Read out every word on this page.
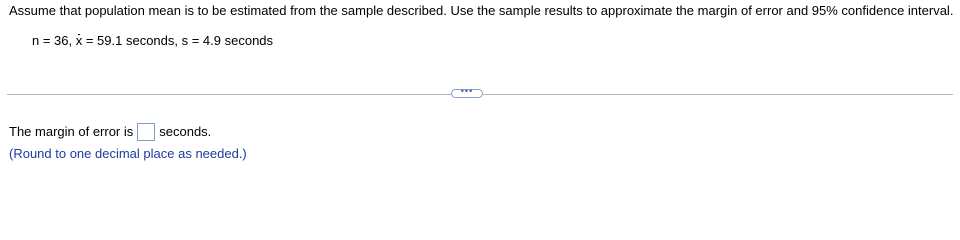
Assume that population mean is to be estimated from the sample described. Use the sample results to approximate the margin of error and 95% confidence interval.
n = 36, x = 59.1 seconds, s = 4.9 seconds
•••
The margin of error is seconds.
(Round to one decimal place as needed.)
